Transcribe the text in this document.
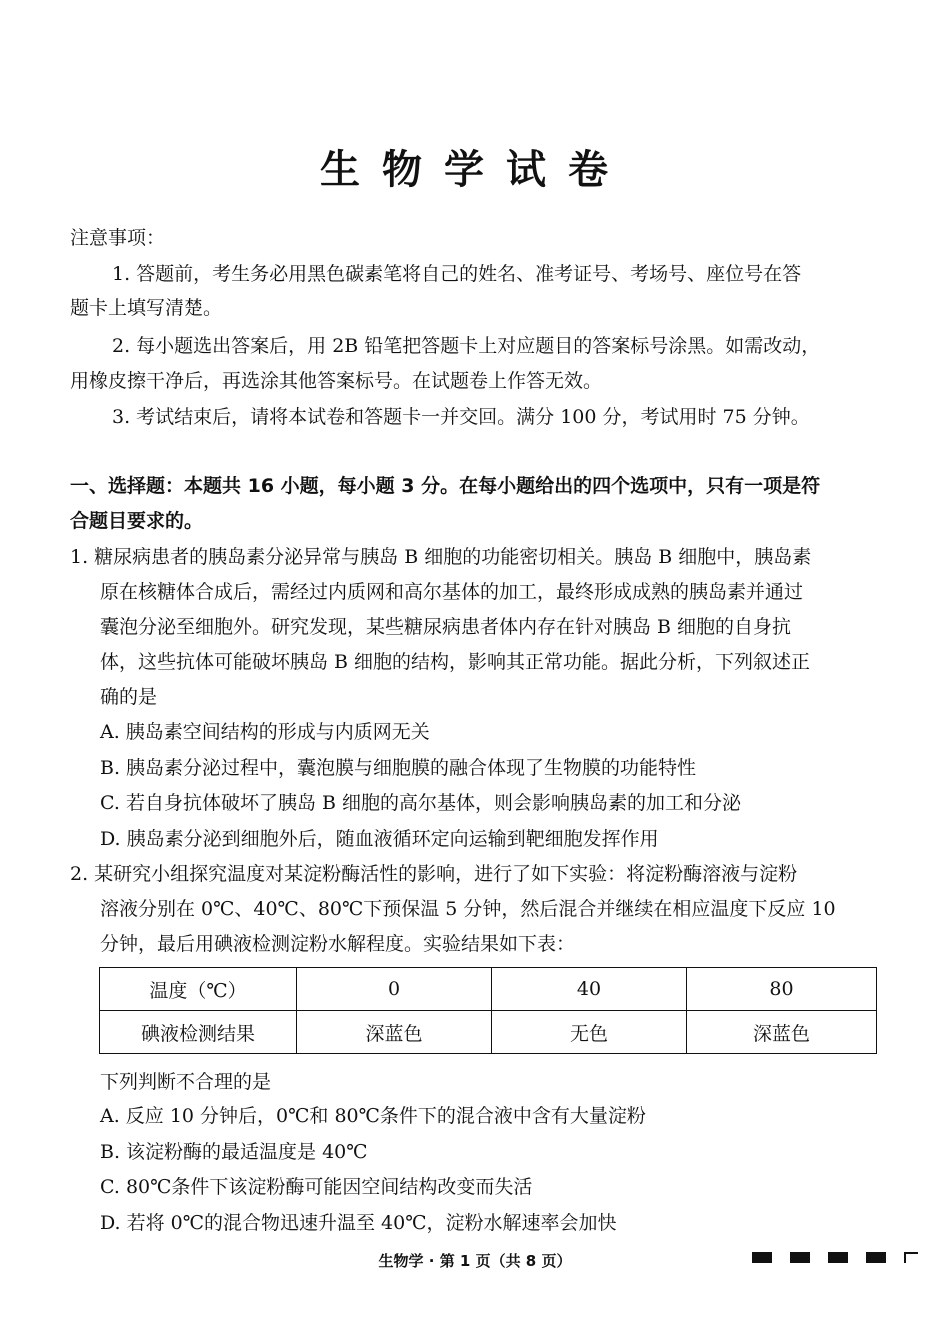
生物学试卷
注意事项：
1. 答题前，考生务必用黑色碳素笔将自己的姓名、准考证号、考场号、座位号在答
题卡上填写清楚。
2. 每小题选出答案后，用 2B 铅笔把答题卡上对应题目的答案标号涂黑。如需改动，
用橡皮擦干净后，再选涂其他答案标号。在试题卷上作答无效。
3. 考试结束后，请将本试卷和答题卡一并交回。满分 100 分，考试用时 75 分钟。
一、选择题：本题共 16 小题，每小题 3 分。在每小题给出的四个选项中，只有一项是符
合题目要求的。
1. 糖尿病患者的胰岛素分泌异常与胰岛 B 细胞的功能密切相关。胰岛 B 细胞中，胰岛素
原在核糖体合成后，需经过内质网和高尔基体的加工，最终形成成熟的胰岛素并通过
囊泡分泌至细胞外。研究发现，某些糖尿病患者体内存在针对胰岛 B 细胞的自身抗
体，这些抗体可能破坏胰岛 B 细胞的结构，影响其正常功能。据此分析，下列叙述正
确的是
A. 胰岛素空间结构的形成与内质网无关
B. 胰岛素分泌过程中，囊泡膜与细胞膜的融合体现了生物膜的功能特性
C. 若自身抗体破坏了胰岛 B 细胞的高尔基体，则会影响胰岛素的加工和分泌
D. 胰岛素分泌到细胞外后，随血液循环定向运输到靶细胞发挥作用
2. 某研究小组探究温度对某淀粉酶活性的影响，进行了如下实验：将淀粉酶溶液与淀粉
溶液分别在 0℃、40℃、80℃下预保温 5 分钟，然后混合并继续在相应温度下反应 10
分钟，最后用碘液检测淀粉水解程度。实验结果如下表：
温度（℃）	0	40	80
碘液检测结果	深蓝色	无色	深蓝色
下列判断不合理的是
A. 反应 10 分钟后，0℃和 80℃条件下的混合液中含有大量淀粉
B. 该淀粉酶的最适温度是 40℃
C. 80℃条件下该淀粉酶可能因空间结构改变而失活
D. 若将 0℃的混合物迅速升温至 40℃，淀粉水解速率会加快
生物学 · 第 1 页（共 8 页）
